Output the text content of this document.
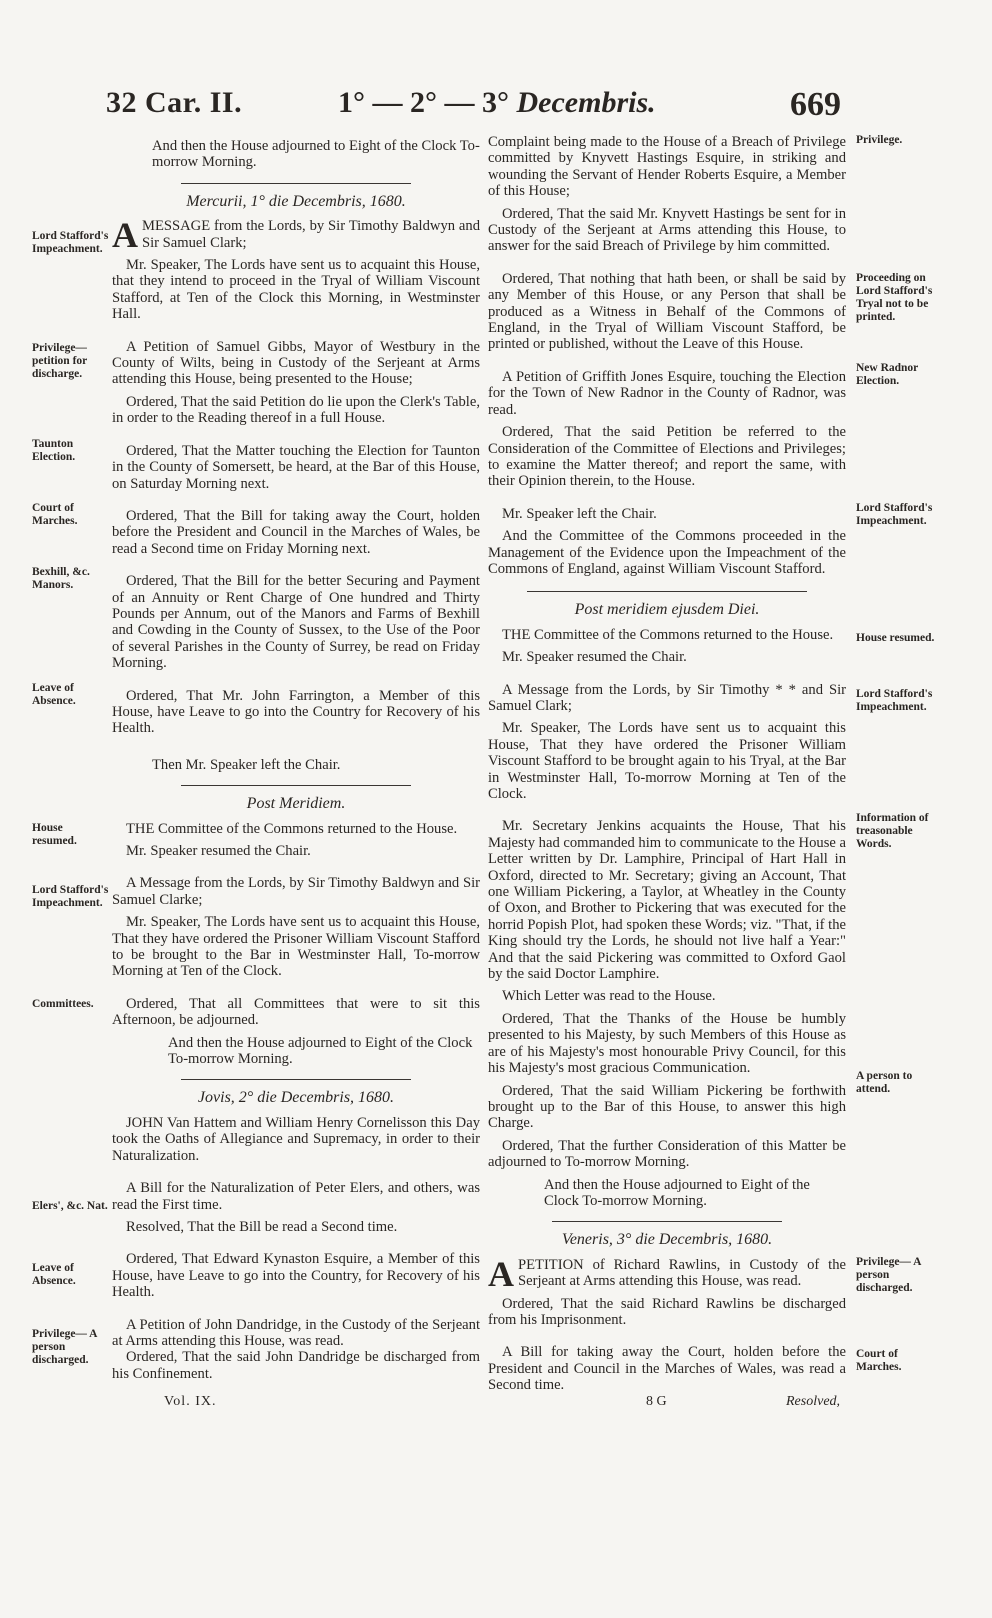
32 Car. II.	1° — 2° — 3° Decembris.	669

And then the House adjourned to Eight of the Clock To-morrow Morning.

Mercurii, 1° die Decembris, 1680.

AMESSAGE from the Lords, by Sir Timothy Baldwyn and Sir Samuel Clark;

Mr. Speaker, The Lords have sent us to acquaint this House, that they intend to proceed in the Tryal of William Viscount Stafford, at Ten of the Clock this Morning, in Westminster Hall.

A Petition of Samuel Gibbs, Mayor of Westbury in the County of Wilts, being in Custody of the Serjeant at Arms attending this House, being presented to the House;

Ordered, That the said Petition do lie upon the Clerk's Table, in order to the Reading thereof in a full House.

Ordered, That the Matter touching the Election for Taunton in the County of Somersett, be heard, at the Bar of this House, on Saturday Morning next.

Ordered, That the Bill for taking away the Court, holden before the President and Council in the Marches of Wales, be read a Second time on Friday Morning next.

Ordered, That the Bill for the better Securing and Payment of an Annuity or Rent Charge of One hundred and Thirty Pounds per Annum, out of the Manors and Farms of Bexhill and Cowding in the County of Sussex, to the Use of the Poor of several Parishes in the County of Surrey, be read on Friday Morning.

Ordered, That Mr. John Farrington, a Member of this House, have Leave to go into the Country for Recovery of his Health.

Then Mr. Speaker left the Chair.

Post Meridiem.

THE Committee of the Commons returned to the House.

Mr. Speaker resumed the Chair.

A Message from the Lords, by Sir Timothy Baldwyn and Sir Samuel Clarke;

Mr. Speaker, The Lords have sent us to acquaint this House, That they have ordered the Prisoner William Viscount Stafford to be brought to the Bar in Westminster Hall, To-morrow Morning at Ten of the Clock.

Ordered, That all Committees that were to sit this Afternoon, be adjourned.

And then the House adjourned to Eight of the Clock To-morrow Morning.

Jovis, 2° die Decembris, 1680.

JOHN Van Hattem and William Henry Cornelisson this Day took the Oaths of Allegiance and Supremacy, in order to their Naturalization.

A Bill for the Naturalization of Peter Elers, and others, was read the First time.

Resolved, That the Bill be read a Second time.

Ordered, That Edward Kynaston Esquire, a Member of this House, have Leave to go into the Country, for Recovery of his Health.

A Petition of John Dandridge, in the Custody of the Serjeant at Arms attending this House, was read.

Ordered, That the said John Dandridge be discharged from his Confinement.

Complaint being made to the House of a Breach of Privilege committed by Knyvett Hastings Esquire, in striking and wounding the Servant of Hender Roberts Esquire, a Member of this House;

Ordered, That the said Mr. Knyvett Hastings be sent for in Custody of the Serjeant at Arms attending this House, to answer for the said Breach of Privilege by him committed.

Ordered, That nothing that hath been, or shall be said by any Member of this House, or any Person that shall be produced as a Witness in Behalf of the Commons of England, in the Tryal of William Viscount Stafford, be printed or published, without the Leave of this House.

A Petition of Griffith Jones Esquire, touching the Election for the Town of New Radnor in the County of Radnor, was read.

Ordered, That the said Petition be referred to the Consideration of the Committee of Elections and Privileges; to examine the Matter thereof; and report the same, with their Opinion therein, to the House.

Mr. Speaker left the Chair.

And the Committee of the Commons proceeded in the Management of the Evidence upon the Impeachment of the Commons of England, against William Viscount Stafford.

Post meridiem ejusdem Diei.

THE Committee of the Commons returned to the House.

Mr. Speaker resumed the Chair.

A Message from the Lords, by Sir Timothy * * and Sir Samuel Clark;

Mr. Speaker, The Lords have sent us to acquaint this House, That they have ordered the Prisoner William Viscount Stafford to be brought again to his Tryal, at the Bar in Westminster Hall, To-morrow Morning at Ten of the Clock.

Mr. Secretary Jenkins acquaints the House, That his Majesty had commanded him to communicate to the House a Letter written by Dr. Lamphire, Principal of Hart Hall in Oxford, directed to Mr. Secretary; giving an Account, That one William Pickering, a Taylor, at Wheatley in the County of Oxon, and Brother to Pickering that was executed for the horrid Popish Plot, had spoken these Words; viz. "That, if the King should try the Lords, he should not live half a Year:" And that the said Pickering was committed to Oxford Gaol by the said Doctor Lamphire.

Which Letter was read to the House.

Ordered, That the Thanks of the House be humbly presented to his Majesty, by such Members of this House as are of his Majesty's most honourable Privy Council, for this his Majesty's most gracious Communication.

Ordered, That the said William Pickering be forthwith brought up to the Bar of this House, to answer this high Charge.

Ordered, That the further Consideration of this Matter be adjourned to To-morrow Morning.

And then the House adjourned to Eight of the Clock To-morrow Morning.

Veneris, 3° die Decembris, 1680.

APETITION of Richard Rawlins, in Custody of the Serjeant at Arms attending this House, was read.

Ordered, That the said Richard Rawlins be discharged from his Imprisonment.

A Bill for taking away the Court, holden before the President and Council in the Marches of Wales, was read a Second time.

Lord Stafford's Impeachment.
Privilege— petition for discharge.
Taunton Election.
Court of Marches.
Bexhill, &c. Manors.
Leave of Absence.
House resumed.
Lord Stafford's Impeachment.
Committees.
Elers', &c. Nat.
Leave of Absence.
Privilege— A person discharged.
Privilege.
Proceeding on Lord Stafford's Tryal not to be printed.
New Radnor Election.
Lord Stafford's Impeachment.
House resumed.
Lord Stafford's Impeachment.
Information of treasonable Words.
A person to attend.
Privilege— A person discharged.
Court of Marches.
Vol. IX.	8 G	Resolved,
